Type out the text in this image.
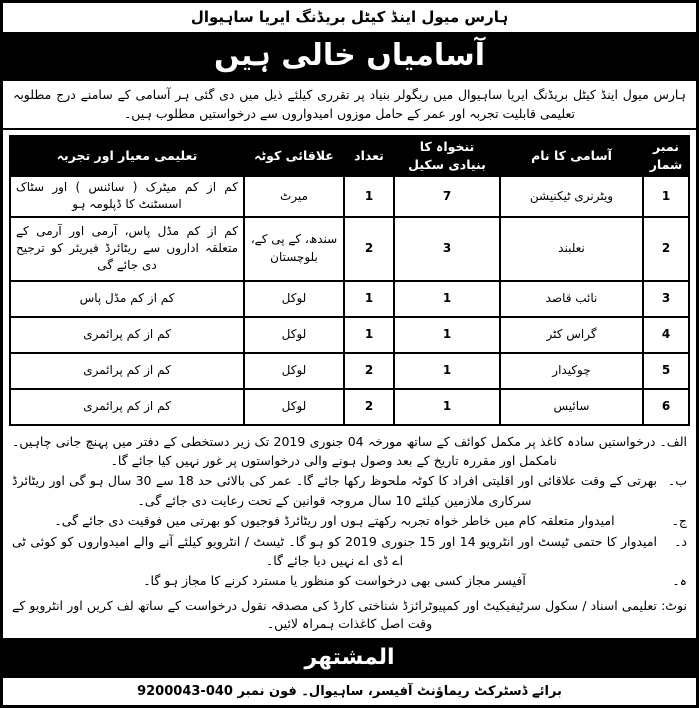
ہارس میول اینڈ کیٹل بریڈنگ ایریا ساہیوال
آسامیاں خالی ہیں
ہارس میول اینڈ کیٹل بریڈنگ ایریا ساہیوال میں ریگولر بنیاد پر تقرری کیلئے ذیل میں دی گئی ہر آسامی کے سامنے درج مطلوبہ تعلیمی قابلیت تجربہ اور عمر کے حامل موزوں امیدواروں سے درخواستیں مطلوب ہیں۔
نمبر شمار	آسامی کا نام	تنخواہ کا بنیادی سکیل	تعداد	علاقائی کوٹہ	تعلیمی معیار اور تجربہ
1	ویٹرنری ٹیکنیشن	7	1	میرٹ	کم از کم میٹرک ( سائنس ) اور سٹاک اسسٹنٹ کا ڈپلومہ ہو
2	نعلبند	3	2	سندھ، کے پی کے، بلوچستان	کم از کم مڈل پاس، آرمی اور آرمی کے متعلقہ اداروں سے ریٹائرڈ فیریئر کو ترجیح دی جائے گی
3	نائب قاصد	1	1	لوکل	کم از کم مڈل پاس
4	گراس کٹر	1	1	لوکل	کم از کم پرائمری
5	چوکیدار	1	2	لوکل	کم از کم پرائمری
6	سائیس	1	2	لوکل	کم از کم پرائمری
الف۔
درخواستیں سادہ کاغذ پر مکمل کوائف کے ساتھ مورخہ 04 جنوری 2019 تک زیر دستخطی کے دفتر میں پہنچ جانی چاہیں۔ نامکمل اور مقررہ تاریخ کے بعد وصول ہونے والی درخواستوں پر غور نہیں کیا جائے گا۔
ب۔
بھرتی کے وقت علاقائی اور اقلیتی افراد کا کوٹہ ملحوظ رکھا جائے گا۔ عمر کی بالائی حد 18 سے 30 سال ہو گی اور ریٹائرڈ سرکاری ملازمین کیلئے 10 سال مروجہ قوانین کے تحت رعایت دی جائے گی۔
ج۔
امیدوار متعلقہ کام میں خاطر خواہ تجربہ رکھتے ہوں اور ریٹائرڈ فوجیوں کو بھرتی میں فوقیت دی جائے گی۔
د۔
امیدوار کا حتمی ٹیسٹ اور انٹرویو 14 اور 15 جنوری 2019 کو ہو گا۔ ٹیسٹ / انٹرویو کیلئے آنے والے امیدواروں کو کوئی ٹی اے ڈی اے نہیں دیا جائے گا۔
ہ۔
آفیسر مجاز کسی بھی درخواست کو منظور یا مسترد کرنے کا مجاز ہو گا۔
نوٹ: تعلیمی اسناد / سکول سرٹیفیکیٹ اور کمپیوٹرائزڈ شناختی کارڈ کی مصدقہ نقول درخواست کے ساتھ لف کریں اور انٹرویو کے وقت اصل کاغذات ہمراہ لائیں۔
المشتهر
برائے ڈسٹرکٹ ریماؤنٹ آفیسر، ساہیوال۔ فون نمبر 040-9200043
